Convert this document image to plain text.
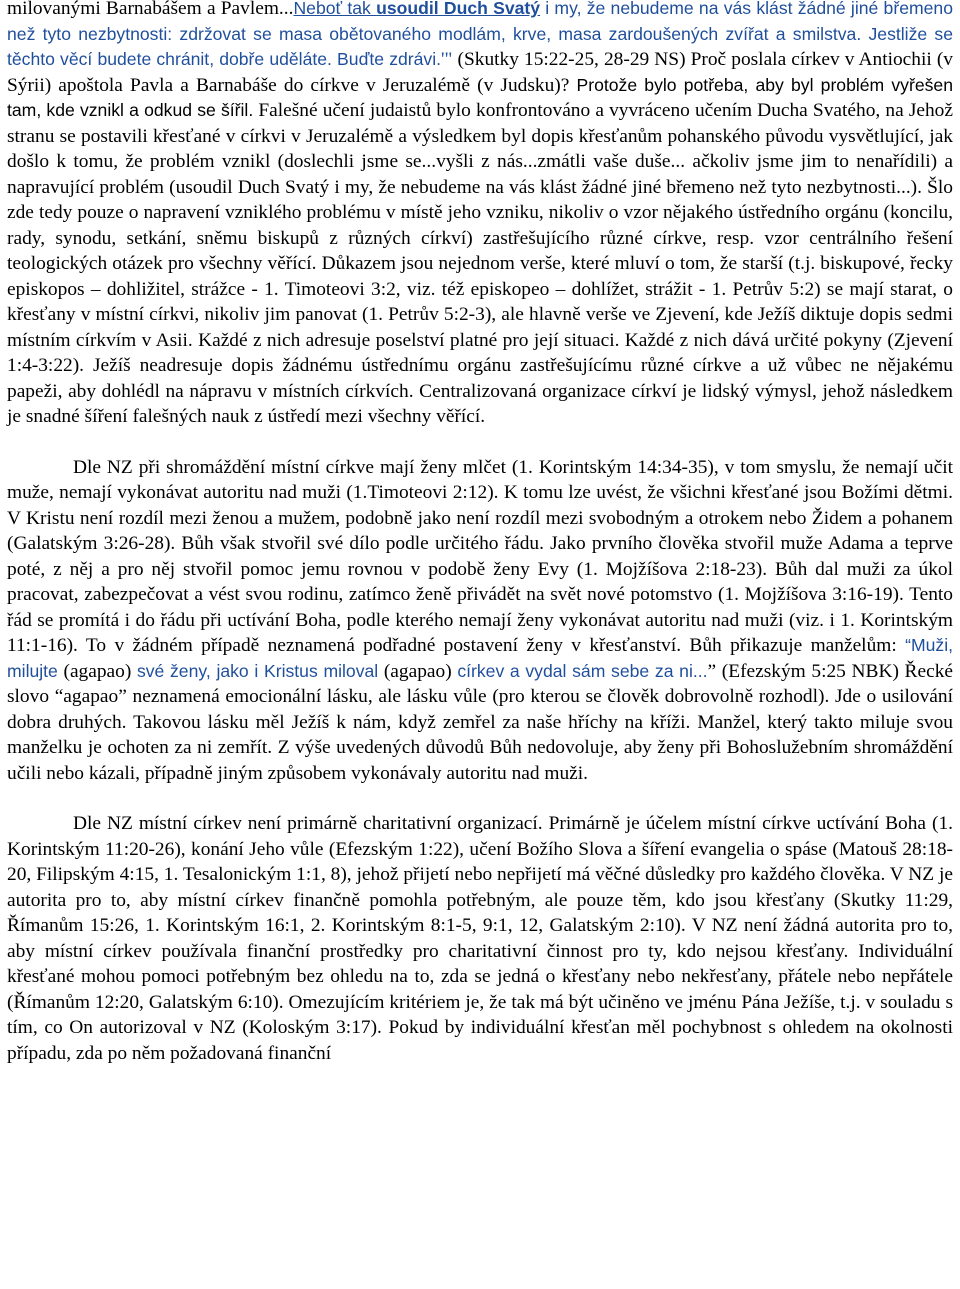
milovanými Barnabášem a Pavlem...Neboť tak usoudil Duch Svatý i my, že nebudeme na vás klást žádné jiné břemeno než tyto nezbytnosti: zdržovat se masa obětovaného modlám, krve, masa zardoušených zvířat a smilstva. Jestliže se těchto věcí budete chránit, dobře uděláte. Buďte zdrávi.'" (Skutky 15:22-25, 28-29 NS) Proč poslala církev v Antiochii (v Sýrii) apoštola Pavla a Barnabáše do církve v Jeruzalémě (v Judsku)? Protože bylo potřeba, aby byl problém vyřešen tam, kde vznikl a odkud se šířil. Falešné učení judaistů bylo konfrontováno a vyvráceno učením Ducha Svatého, na Jehož stranu se postavili křesťané v církvi v Jeruzalémě a výsledkem byl dopis křesťanům pohanského původu vysvětlující, jak došlo k tomu, že problém vznikl (doslechli jsme se...vyšli z nás...zmátli vaše duše... ačkoliv jsme jim to nenařídili) a napravující problém (usoudil Duch Svatý i my, že nebudeme na vás klást žádné jiné břemeno než tyto nezbytnosti...). Šlo zde tedy pouze o napravení vzniklého problému v místě jeho vzniku, nikoliv o vzor nějakého ústředního orgánu (koncilu, rady, synodu, setkání, sněmu biskupů z různých církví) zastřešujícího různé církve, resp. vzor centrálního řešení teologických otázek pro všechny věřící. Důkazem jsou nejednom verše, které mluví o tom, že starší (t.j. biskupové, řecky episkopos – dohližitel, strážce - 1. Timoteovi 3:2, viz. též episkopeo – dohlížet, strážit - 1. Petrův 5:2) se mají starat, o křesťany v místní církvi, nikoliv jim panovat (1. Petrův 5:2-3), ale hlavně verše ve Zjevení, kde Ježíš diktuje dopis sedmi místním církvím v Asii. Každé z nich adresuje poselství platné pro její situaci. Každé z nich dává určité pokyny (Zjevení 1:4-3:22). Ježíš neadresuje dopis žádnému ústřednímu orgánu zastřešujícímu různé církve a už vůbec ne nějakému papeži, aby dohlédl na nápravu v místních církvích. Centralizovaná organizace církví je lidský výmysl, jehož následkem je snadné šíření falešných nauk z ústředí mezi všechny věřící.

Dle NZ při shromáždění místní církve mají ženy mlčet (1. Korintským 14:34-35), v tom smyslu, že nemají učit muže, nemají vykonávat autoritu nad muži (1.Timoteovi 2:12). K tomu lze uvést, že všichni křesťané jsou Božími dětmi. V Kristu není rozdíl mezi ženou a mužem, podobně jako není rozdíl mezi svobodným a otrokem nebo Židem a pohanem (Galatským 3:26-28). Bůh však stvořil své dílo podle určitého řádu. Jako prvního člověka stvořil muže Adama a teprve poté, z něj a pro něj stvořil pomoc jemu rovnou v podobě ženy Evy (1. Mojžíšova 2:18-23). Bůh dal muži za úkol pracovat, zabezpečovat a vést svou rodinu, zatímco ženě přivádět na svět nové potomstvo (1. Mojžíšova 3:16-19). Tento řád se promítá i do řádu při uctívání Boha, podle kterého nemají ženy vykonávat autoritu nad muži (viz. i 1. Korintským 11:1-16). To v žádném případě neznamená podřadné postavení ženy v křesťanství. Bůh přikazuje manželům: “Muži, milujte (agapao) své ženy, jako i Kristus miloval (agapao) církev a vydal sám sebe za ni...” (Efezským 5:25 NBK) Řecké slovo “agapao” neznamená emocionální lásku, ale lásku vůle (pro kterou se člověk dobrovolně rozhodl). Jde o usilování dobra druhých. Takovou lásku měl Ježíš k nám, když zemřel za naše hříchy na kříži. Manžel, který takto miluje svou manželku je ochoten za ni zemřít. Z výše uvedených důvodů Bůh nedovoluje, aby ženy při Bohoslužebním shromáždění učili nebo kázali, případně jiným způsobem vykonávaly autoritu nad muži.

Dle NZ místní církev není primárně charitativní organizací. Primárně je účelem místní církve uctívání Boha (1. Korintským 11:20-26), konání Jeho vůle (Efezským 1:22), učení Božího Slova a šíření evangelia o spáse (Matouš 28:18-20, Filipským 4:15, 1. Tesalonickým 1:1, 8), jehož přijetí nebo nepřijetí má věčné důsledky pro každého člověka. V NZ je autorita pro to, aby místní církev finančně pomohla potřebným, ale pouze těm, kdo jsou křesťany (Skutky 11:29, Římanům 15:26, 1. Korintským 16:1, 2. Korintským 8:1-5, 9:1, 12, Galatským 2:10). V NZ není žádná autorita pro to, aby místní církev používala finanční prostředky pro charitativní činnost pro ty, kdo nejsou křesťany. Individuální křesťané mohou pomoci potřebným bez ohledu na to, zda se jedná o křesťany nebo nekřesťany, přátele nebo nepřátele (Římanům 12:20, Galatským 6:10). Omezujícím kritériem je, že tak má být učiněno ve jménu Pána Ježíše, t.j. v souladu s tím, co On autorizoval v NZ (Koloským 3:17). Pokud by individuální křesťan měl pochybnost s ohledem na okolnosti případu, zda po něm požadovaná finanční
